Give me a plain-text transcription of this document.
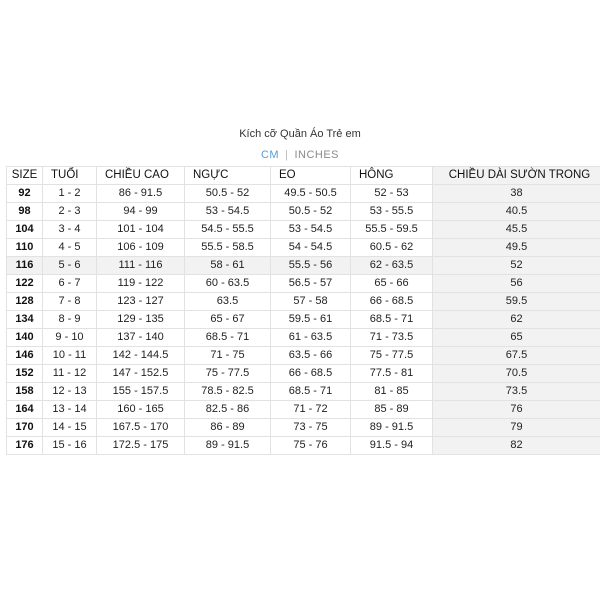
Kích cỡ Quần Áo Trẻ em
CM | INCHES
SIZE	TUỔI	CHIỀU CAO	NGỰC	EO	HÔNG	CHIỀU DÀI SƯỜN TRONG
92	1 - 2	86 - 91.5	50.5 - 52	49.5 - 50.5	52 - 53	38
98	2 - 3	94 - 99	53 - 54.5	50.5 - 52	53 - 55.5	40.5
104	3 - 4	101 - 104	54.5 - 55.5	53 - 54.5	55.5 - 59.5	45.5
110	4 - 5	106 - 109	55.5 - 58.5	54 - 54.5	60.5 - 62	49.5
116	5 - 6	111 - 116	58 - 61	55.5 - 56	62 - 63.5	52
122	6 - 7	119 - 122	60 - 63.5	56.5 - 57	65 - 66	56
128	7 - 8	123 - 127	63.5	57 - 58	66 - 68.5	59.5
134	8 - 9	129 - 135	65 - 67	59.5 - 61	68.5 - 71	62
140	9 - 10	137 - 140	68.5 - 71	61 - 63.5	71 - 73.5	65
146	10 - 11	142 - 144.5	71 - 75	63.5 - 66	75 - 77.5	67.5
152	11 - 12	147 - 152.5	75 - 77.5	66 - 68.5	77.5 - 81	70.5
158	12 - 13	155 - 157.5	78.5 - 82.5	68.5 - 71	81 - 85	73.5
164	13 - 14	160 - 165	82.5 - 86	71 - 72	85 - 89	76
170	14 - 15	167.5 - 170	86 - 89	73 - 75	89 - 91.5	79
176	15 - 16	172.5 - 175	89 - 91.5	75 - 76	91.5 - 94	82
